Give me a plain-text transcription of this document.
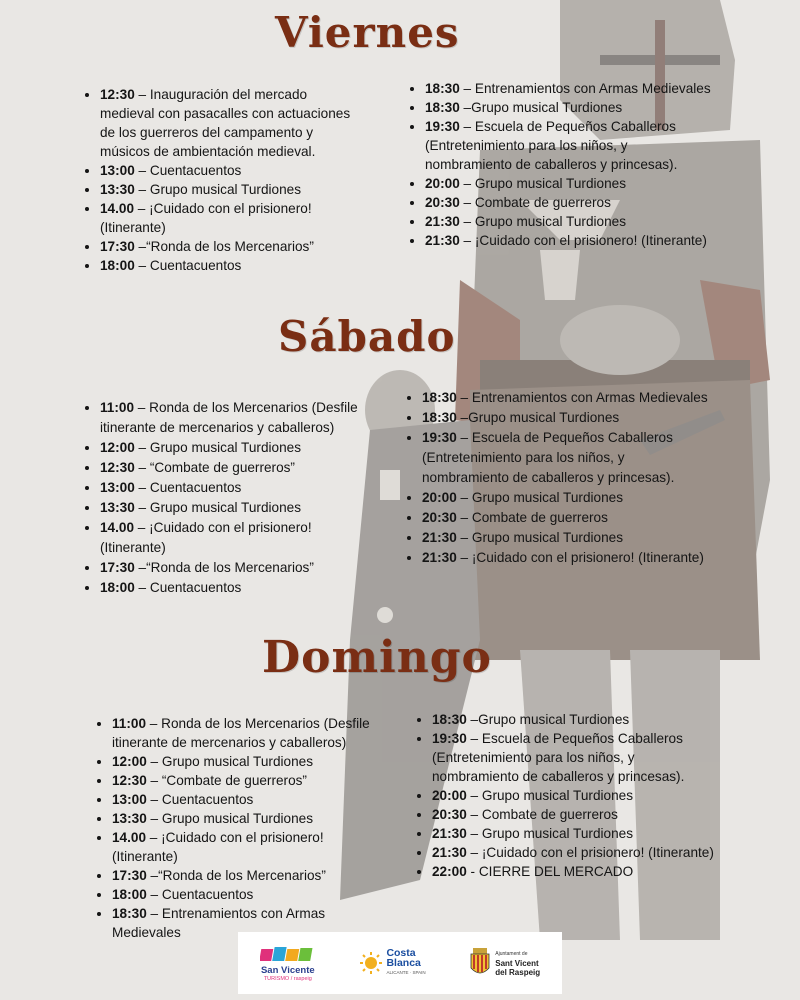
Viernes
• 12:30 – Inauguración del mercado medieval con pasacalles con actuaciones de los guerreros del campamento y músicos de ambientación medieval.
• 13:00 – Cuentacuentos
• 13:30 – Grupo musical Turdiones
• 14.00 – ¡Cuidado con el prisionero! (Itinerante)
• 17:30 –“Ronda de los Mercenarios”
• 18:00 – Cuentacuentos
• 18:30 – Entrenamientos con Armas Medievales
• 18:30 –Grupo musical Turdiones
• 19:30 – Escuela de Pequeños Caballeros (Entretenimiento para los niños, y nombramiento de caballeros y princesas).
• 20:00 – Grupo musical Turdiones
• 20:30 – Combate de guerreros
• 21:30 – Grupo musical Turdiones
• 21:30 – ¡Cuidado con el prisionero! (Itinerante)
Sábado
• 11:00 – Ronda de los Mercenarios (Desfile itinerante de mercenarios y caballeros)
• 12:00 – Grupo musical Turdiones
• 12:30 – “Combate de guerreros”
• 13:00 – Cuentacuentos
• 13:30 – Grupo musical Turdiones
• 14.00 – ¡Cuidado con el prisionero! (Itinerante)
• 17:30 –“Ronda de los Mercenarios”
• 18:00 – Cuentacuentos
• 18:30 – Entrenamientos con Armas Medievales
• 18:30 –Grupo musical Turdiones
• 19:30 – Escuela de Pequeños Caballeros (Entretenimiento para los niños, y nombramiento de caballeros y princesas).
• 20:00 – Grupo musical Turdiones
• 20:30 – Combate de guerreros
• 21:30 – Grupo musical Turdiones
• 21:30 – ¡Cuidado con el prisionero! (Itinerante)
Domingo
• 11:00 – Ronda de los Mercenarios (Desfile itinerante de mercenarios y caballeros)
• 12:00 – Grupo musical Turdiones
• 12:30 – “Combate de guerreros”
• 13:00 – Cuentacuentos
• 13:30 – Grupo musical Turdiones
• 14.00 – ¡Cuidado con el prisionero! (Itinerante)
• 17:30 –“Ronda de los Mercenarios”
• 18:00 – Cuentacuentos
• 18:30 – Entrenamientos con Armas Medievales
• 18:30 –Grupo musical Turdiones
• 19:30 – Escuela de Pequeños Caballeros (Entretenimiento para los niños, y nombramiento de caballeros y princesas).
• 20:00 – Grupo musical Turdiones
• 20:30 – Combate de guerreros
• 21:30 – Grupo musical Turdiones
• 21:30 – ¡Cuidado con el prisionero! (Itinerante)
• 22:00 - CIERRE DEL MERCADO
San Vicente
TURISMO / raspeig
Costa
Blanca
ALICANTE · SPAIN
Ajuntament de
Sant Vicent
del Raspeig
